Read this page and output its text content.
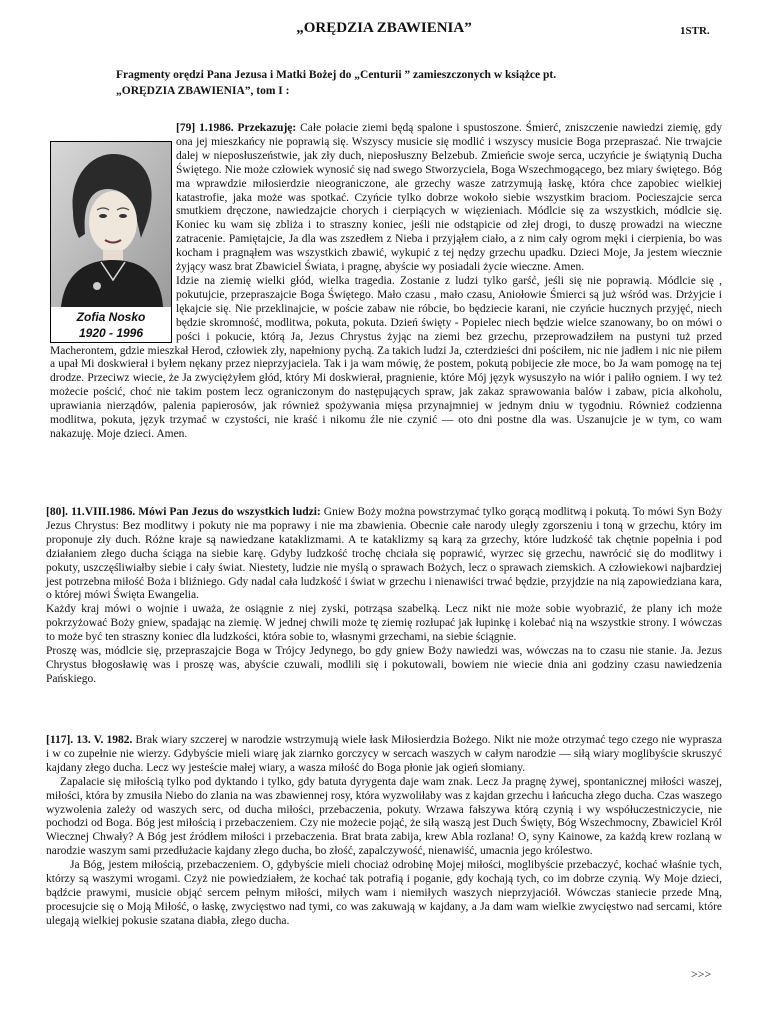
„ORĘDZIA ZBAWIENIA”	1STR.
Fragmenty orędzi Pana Jezusa i Matki Bożej do „Centurii ” zamieszczonych w książce pt.
„ORĘDZIA ZBAWIENIA”, tom I :

[79] 1.1986. Przekazuję: Całe połacie ziemi będą spalone i spustoszone. Śmierć, zniszczenie nawiedzi ziemię, gdy ona jej mieszkańcy nie poprawią się. Wszyscy musicie się modlić i wszyscy musicie Boga przepraszać. Nie trwajcie dalej w nieposłuszeństwie, jak zły duch, nieposłuszny Belzebub. Zmieńcie swoje serca, uczyńcie je świątynią Ducha Świętego. Nie może człowiek wynosić się nad swego Stworzyciela, Boga Wszechmogącego, bez miary świętego. Bóg ma wprawdzie miłosierdzie nieograniczone, ale grzechy wasze zatrzymują łaskę, która chce zapobiec wielkiej katastrofie, jaka może was spotkać. Czyńcie tylko dobrze wokoło siebie wszystkim braciom. Pocieszajcie serca smutkiem dręczone, nawiedzajcie chorych i cierpiących w więzieniach. Módlcie się za wszystkich, módlcie się. Koniec ku wam się zbliża i to straszny koniec, jeśli nie odstąpicie od złej drogi, to duszę prowadzi na wieczne zatracenie. Pamiętajcie, Ja dla was zszedłem z Nieba i przyjąłem ciało, a z nim cały ogrom męki i cierpienia, bo was kocham i pragnąłem was wszystkich zbawić, wykupić z tej nędzy grzechu upadku. Dzieci Moje, Ja jestem wiecznie żyjący wasz brat Zbawiciel Świata, i pragnę, abyście wy posiadali życie wieczne. Amen.

Idzie na ziemię wielki głód, wielka tragedia. Zostanie z ludzi tylko garść, jeśli się nie poprawią. Módlcie się , pokutujcie, przepraszajcie Boga Świętego. Mało czasu , mało czasu, Aniołowie Śmierci są już wśród was. Drżyjcie i lękajcie się. Nie przeklinajcie, w poście zabaw nie róbcie, bo będziecie karani, nie czyńcie hucznych przyjęć, niech będzie skromność, modlitwa, pokuta, pokuta. Dzień święty - Popielec niech będzie wielce szanowany, bo on mówi o pości i pokucie, którą Ja, Jezus Chrystus żyjąc na ziemi bez grzechu, przeprowadziłem na pustyni tuż przed Macherontem, gdzie mieszkał Herod, człowiek zły, napełniony pychą. Za takich ludzi Ja, czterdzieści dni pościłem, nic nie jadłem i nic nie piłem a upał Mi doskwierał i byłem nękany przez nieprzyjaciela. Tak i ja wam mówię, że postem, pokutą pobijecie złe moce, bo Ja wam pomogę na tej drodze. Przeciwz wiecie, że Ja zwyciężyłem głód, który Mi doskwierał, pragnienie, które Mój język wysuszyło na wiór i paliło ogniem. I wy też możecie pościć, choć nie takim postem lecz ograniczonym do następujących spraw, jak zakaz sprawowania balów i zabaw, picia alkoholu, uprawiania nierządów, palenia papierosów, jak również spożywania mięsa przynajmniej w jednym dniu w tygodniu. Również codzienna modlitwa, pokuta, język trzymać w czystości, nie kraść i nikomu źle nie czynić — oto dni postne dla was. Uszanujcie je w tym, co wam nakazuję. Moje dzieci. Amen.

Zofia Nosko
1920 - 1996

[80]. 11.VIII.1986. Mówi Pan Jezus do wszystkich ludzi: Gniew Boży można powstrzymać tylko gorącą modlitwą i pokutą. To mówi Syn Boży Jezus Chrystus: Bez modlitwy i pokuty nie ma poprawy i nie ma zbawienia. Obecnie całe narody uległy zgorszeniu i toną w grzechu, który im proponuje zły duch. Różne kraje są nawiedzane kataklizmami. A te kataklizmy są karą za grzechy, które ludzkość tak chętnie popełnia i pod działaniem złego ducha ściąga na siebie karę. Gdyby ludzkość trochę chciała się poprawić, wyrzec się grzechu, nawrócić się do modlitwy i pokuty, uszczęśliwiałby siebie i cały świat. Niestety, ludzie nie myślą o sprawach Bożych, lecz o sprawach ziemskich. A człowiekowi najbardziej jest potrzebna miłość Boża i bliźniego. Gdy nadal cała ludzkość i świat w grzechu i nienawiści trwać będzie, przyjdzie na nią zapowiedziana kara, o której mówi Święta Ewangelia.

Każdy kraj mówi o wojnie i uważa, że osiągnie z niej zyski, potrząsa szabelką. Lecz nikt nie może sobie wyobrazić, że plany ich może pokrzyżować Boży gniew, spadając na ziemię. W jednej chwili może tę ziemię rozłupać jak łupinkę i kolebać nią na wszystkie strony. I wówczas to może być ten straszny koniec dla ludzkości, która sobie to, własnymi grzechami, na siebie ściągnie.

Proszę was, módlcie się, przepraszajcie Boga w Trójcy Jedynego, bo gdy gniew Boży nawiedzi was, wówczas na to czasu nie stanie. Ja. Jezus Chrystus błogosławię was i proszę was, abyście czuwali, modlili się i pokutowali, bowiem nie wiecie dnia ani godziny czasu nawiedzenia Pańskiego.

[117]. 13. V. 1982. Brak wiary szczerej w narodzie wstrzymują wiele łask Miłosierdzia Bożego. Nikt nie może otrzymać tego czego nie wyprasza i w co zupełnie nie wierzy. Gdybyście mieli wiarę jak ziarnko gorczycy w sercach waszych w całym narodzie — siłą wiary moglibyście skruszyć kajdany złego ducha. Lecz wy jesteście małej wiary, a wasza miłość do Boga płonie jak ogień słomiany.

Zapalacie się miłością tylko pod dyktando i tylko, gdy batuta dyrygenta daje wam znak. Lecz Ja pragnę żywej, spontanicznej miłości waszej, miłości, która by zmusiła Niebo do zlania na was zbawiennej rosy, która wyzwoliłaby was z kajdan grzechu i łańcucha złego ducha. Czas waszego wyzwolenia zależy od waszych serc, od ducha miłości, przebaczenia, pokuty. Wrzawa fałszywa którą czynią i wy współuczestniczycie, nie pochodzi od Boga. Bóg jest miłością i przebaczeniem. Czy nie możecie pojąć, że siłą waszą jest Duch Święty, Bóg Wszechmocny, Zbawiciel Król Wiecznej Chwały? A Bóg jest źródłem miłości i przebaczenia. Brat brata zabija, krew Abla rozlana! O, syny Kainowe, za każdą krew rozlaną w narodzie waszym sami przedłużacie kajdany złego ducha, bo złość, zapalczywość, nienawiść, umacnia jego królestwo.

Ja Bóg, jestem miłością, przebaczeniem. O, gdybyście mieli chociaż odrobinę Mojej miłości, moglibyście przebaczyć, kochać właśnie tych, którzy są waszymi wrogami. Czyż nie powiedziałem, że kochać tak potrafią i poganie, gdy kochają tych, co im dobrze czynią. Wy Moje dzieci, bądźcie prawymi, musicie objąć sercem pełnym miłości, miłych wam i niemiłych waszych nieprzyjaciół. Wówczas staniecie przede Mną, procesujcie się o Moją Miłość, o łaskę, zwycięstwo nad tymi, co was zakuwają w kajdany, a Ja dam wam wielkie zwycięstwo nad sercami, które ulegają wielkiej pokusie szatana diabła, złego ducha.

>>>
